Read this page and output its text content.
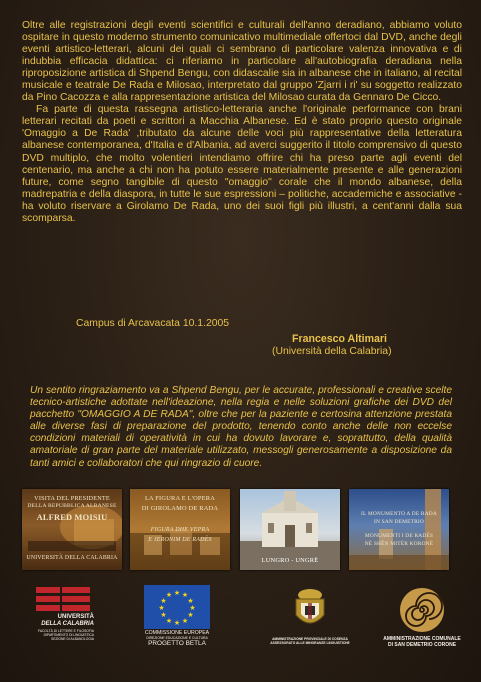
Oltre alle registrazioni degli eventi scientifici e culturali dell'anno deradiano, abbiamo voluto ospitare in questo moderno strumento comunicativo multimediale offertoci dal DVD, anche degli eventi artistico-letterari, alcuni dei quali ci sembrano di particolare valenza innovativa e di indubbia efficacia didattica: ci riferiamo in particolare all'autobiografia deradiana nella riproposizione artistica di Shpend Bengu, con didascalie sia in albanese che in italiano, al recital musicale e teatrale De Rada e Milosao, interpretato dal gruppo 'Zjarri i ri' su soggetto realizzato da Pino Cacozza e alla rappresentazione artistica del Milosao curata da Gennaro De Cicco.

Fa parte di questa rassegna artistico-letteraria anche l'originale performance con brani letterari recitati da poeti e scrittori a Macchia Albanese. Ed è stato proprio questo originale 'Omaggio a De Rada' ,tributato da alcune delle voci più rappresentative della letteratura albanese contemporanea, d'Italia e d'Albania, ad averci suggerito il titolo comprensivo di questo DVD multiplo, che molto volentieri intendiamo offrire chi ha preso parte agli eventi del centenario, ma anche a chi non ha potuto essere materialmente presente e alle generazioni future, come segno tangibile di questo "omaggio" corale che il mondo albanese, della madrepatria e della diaspora, in tutte le sue espressioni – politiche, accademiche e associative - ha voluto riservare a Girolamo De Rada, uno dei suoi figli più illustri, a cent'anni dalla sua scomparsa.

Campus di Arcavacata 10.1.2005
Francesco Altimari
(Università della Calabria)
Un sentito ringraziamento va a Shpend Bengu, per le accurate, professionali e creative scelte tecnico-artistiche adottate nell'ideazione, nella regia e nelle soluzioni grafiche dei DVD del pacchetto "OMAGGIO A DE RADA", oltre che per la paziente e certosina attenzione prestata alle diverse fasi di preparazione del prodotto, tenendo conto anche delle non eccelse condizioni materiali di operatività in cui ha dovuto lavorare e, soprattutto, della qualità amatoriale di gran parte del materiale utilizzato, messogli generosamente a disposizione da tanti amici e collaboratori che qui ringrazio di cuore.
VISITA DEL PRESIDENTE
DELLA REPUBBLICA ALBANESE
ALFRED MOISIU
UNIVERSITÀ DELLA CALABRIA
LA FIGURA E L'OPERA
DI GIROLAMO DE RADA
FIGURA DHE VEPRA
E JERONIM DE RADËS
LUNGRO - UNGRË
IL MONUMENTO A DE RADA
IN SAN DEMETRIO
MONUMENTI I DE RADËS
NË SHËN MITËR KORONË
UNIVERSITÀ
DELLA CALABRIA
FACOLTÀ DI LETTERE E FILOSOFIA
DIPARTIMENTO DI LINGUISTICA
SEZIONE DI ALBANOLOGIA
★ ★
★
★
★
★
★
★
★
★
★
★
COMMISSIONE EUROPEA
DIREZIONE EDUCAZIONE E CULTURA
PROGETTO BETLA
AMMINISTRAZIONE PROVINCIALE DI COSENZA
ASSESSORATO ALLE MINORANZE LINGUISTICHE
AMMINISTRAZIONE COMUNALE
DI SAN DEMETRIO CORONE
